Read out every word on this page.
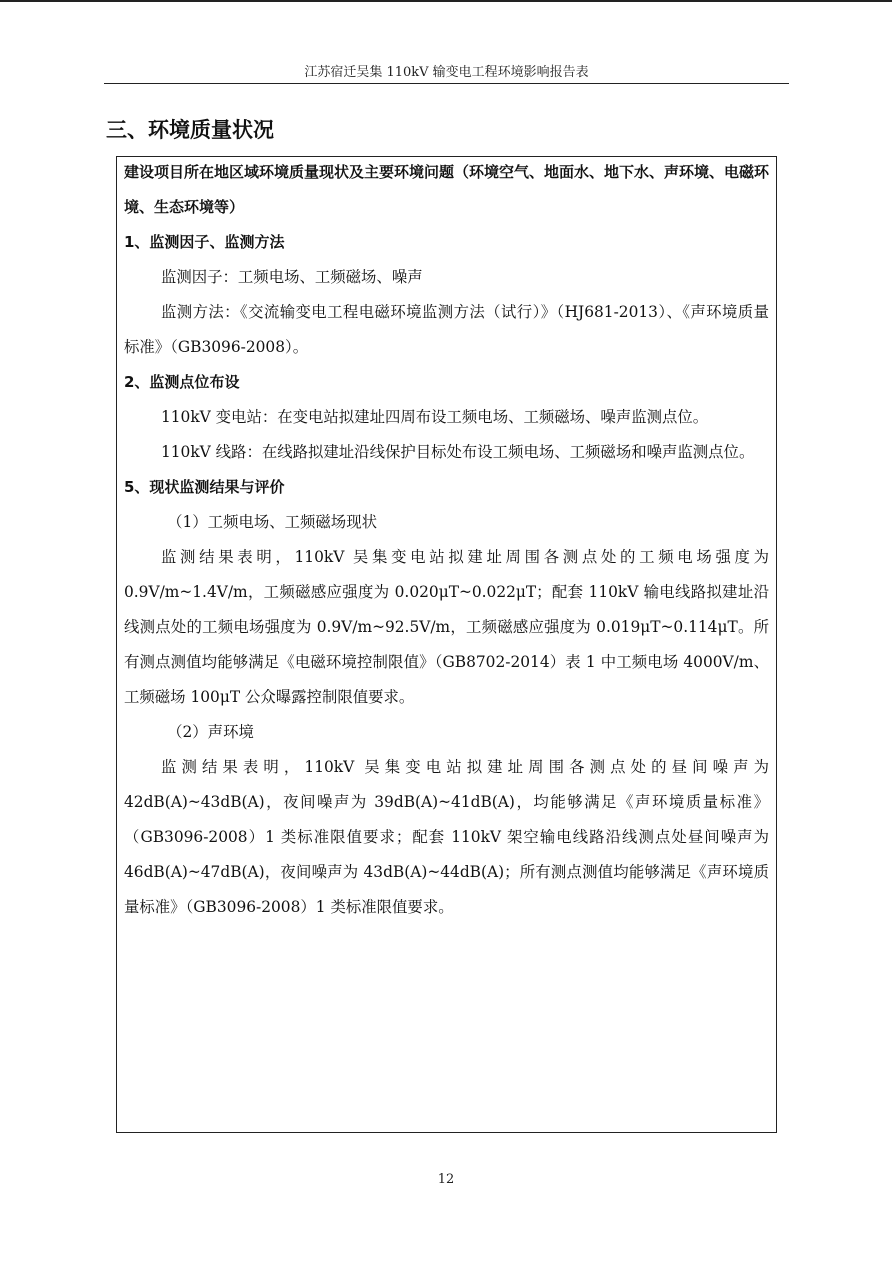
江苏宿迁吴集 110kV 输变电工程环境影响报告表
三、环境质量状况

建设项目所在地区域环境质量现状及主要环境问题（环境空气、地面水、地下水、声环境、电磁环境、生态环境等）

1、监测因子、监测方法

监测因子：工频电场、工频磁场、噪声

监测方法：《交流输变电工程电磁环境监测方法（试行）》（HJ681-2013）、《声环境质量标准》（GB3096-2008）。

2、监测点位布设

110kV 变电站：在变电站拟建址四周布设工频电场、工频磁场、噪声监测点位。

110kV 线路：在线路拟建址沿线保护目标处布设工频电场、工频磁场和噪声监测点位。

5、现状监测结果与评价

（1）工频电场、工频磁场现状

监测结果表明，110kV 吴集变电站拟建址周围各测点处的工频电场强度为 0.9V/m~1.4V/m，工频磁感应强度为 0.020μT~0.022μT；配套 110kV 输电线路拟建址沿线测点处的工频电场强度为 0.9V/m~92.5V/m，工频磁感应强度为 0.019μT~0.114μT。所有测点测值均能够满足《电磁环境控制限值》（GB8702-2014）表 1 中工频电场 4000V/m、工频磁场 100μT 公众曝露控制限值要求。

（2）声环境

监测结果表明，110kV 吴集变电站拟建址周围各测点处的昼间噪声为 42dB(A)~43dB(A)，夜间噪声为 39dB(A)~41dB(A)，均能够满足《声环境质量标准》（GB3096-2008）1 类标准限值要求；配套 110kV 架空输电线路沿线测点处昼间噪声为 46dB(A)~47dB(A)，夜间噪声为 43dB(A)~44dB(A)；所有测点测值均能够满足《声环境质量标准》（GB3096-2008）1 类标准限值要求。

12
